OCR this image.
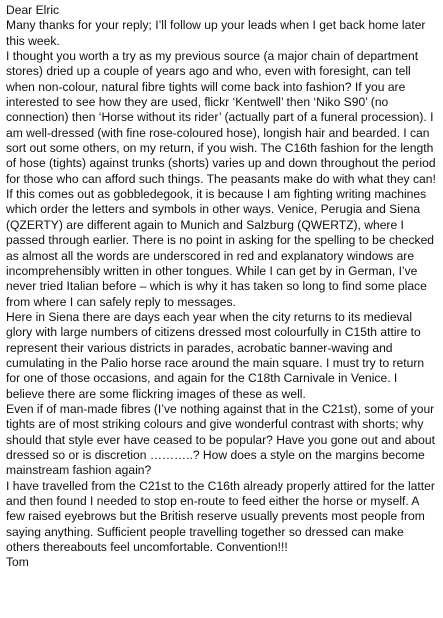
Dear Elric

Many thanks for your reply; I’ll follow up your leads when I get back home later this week.

I thought you worth a try as my previous source (a major chain of department stores) dried up a couple of years ago and who, even with foresight, can tell when non-colour, natural fibre tights will come back into fashion? If you are interested to see how they are used, flickr ‘Kentwell’ then ‘Niko S90’ (no connection) then ‘Horse without its rider’ (actually part of a funeral procession). I am well-dressed (with fine rose-coloured hose), longish hair and bearded. I can sort out some others, on my return, if you wish. The C16th fashion for the length of hose (tights) against trunks (shorts) varies up and down throughout the period for those who can afford such things. The peasants make do with what they can!

If this comes out as gobbledegook, it is because I am fighting writing machines which order the letters and symbols in other ways. Venice, Perugia and Siena (QZERTY) are different again to Munich and Salzburg (QWERTZ), where I passed through earlier. There is no point in asking for the spelling to be checked as almost all the words are underscored in red and explanatory windows are incomprehensibly written in other tongues. While I can get by in German, I’ve never tried Italian before – which is why it has taken so long to find some place from where I can safely reply to messages.

Here in Siena there are days each year when the city returns to its medieval glory with large numbers of citizens dressed most colourfully in C15th attire to represent their various districts in parades, acrobatic banner-waving and cumulating in the Palio horse race around the main square. I must try to return for one of those occasions, and again for the C18th Carnivale in Venice. I believe there are some flickring images of these as well.

Even if of man-made fibres (I’ve nothing against that in the C21st), some of your tights are of most striking colours and give wonderful contrast with shorts; why should that style ever have ceased to be popular? Have you gone out and about dressed so or is discretion ………..? How does a style on the margins become mainstream fashion again?

I have travelled from the C21st to the C16th already properly attired for the latter and then found I needed to stop en-route to feed either the horse or myself. A few raised eyebrows but the British reserve usually prevents most people from saying anything. Sufficient people travelling together so dressed can make others thereabouts feel uncomfortable. Convention!!!

Tom
